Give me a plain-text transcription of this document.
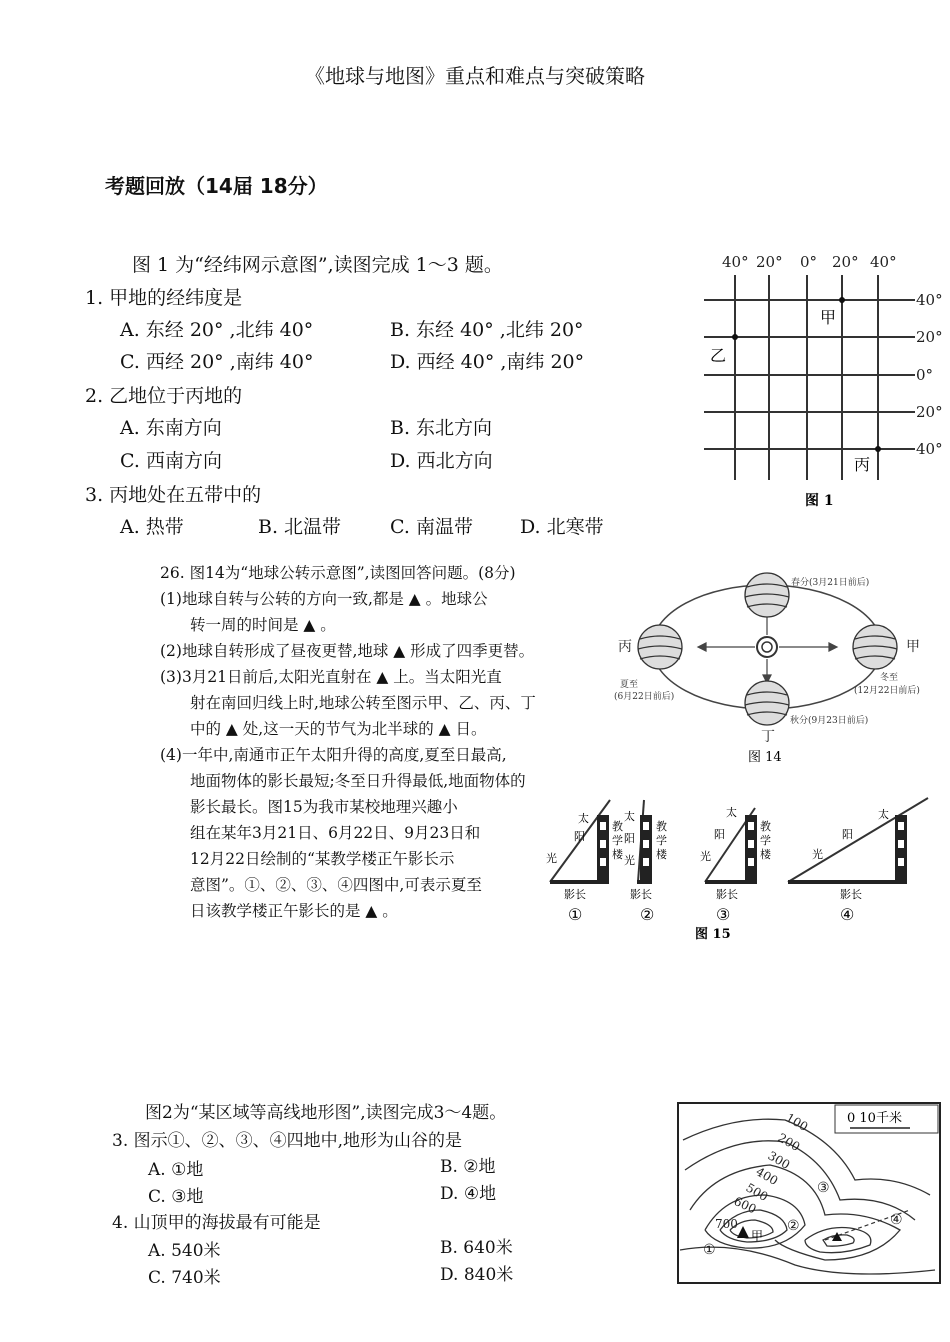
《地球与地图》重点和难点与突破策略
考题回放（14届 18分）
图 1 为“经纬网示意图”,读图完成 1～3 题。
1. 甲地的经纬度是
A. 东经 20° ,北纬 40°	B. 东经 40° ,北纬 20°
C. 西经 20° ,南纬 40°	D. 西经 40° ,南纬 20°
2. 乙地位于丙地的
A. 东南方向	B. 东北方向
C. 西南方向	D. 西北方向
3. 丙地处在五带中的
A. 热带	B. 北温带	C. 南温带 D. 北寒带
40° 20° 0° 20° 40°
40°
20°
0°
20°
40°
甲
乙
丙
图 1
26. 图14为“地球公转示意图”,读图回答问题。(8分)
(1)地球自转与公转的方向一致,都是 ▲ 。地球公
转一周的时间是 ▲ 。
(2)地球自转形成了昼夜更替,地球 ▲ 形成了四季更替。
(3)3月21日前后,太阳光直射在 ▲ 上。当太阳光直
射在南回归线上时,地球公转至图示甲、乙、丙、丁
中的 ▲ 处,这一天的节气为北半球的 ▲ 日。
(4)一年中,南通市正午太阳升得的高度,夏至日最高,
地面物体的影长最短;冬至日升得最低,地面物体的
影长最长。图15为我市某校地理兴趣小
组在某年3月21日、6月22日、9月23日和
12月22日绘制的“某教学楼正午影长示
意图”。①、②、③、④四图中,可表示夏至
日该教学楼正午影长的是 ▲ 。
春分(3月21日前后)
夏至
(6月22日前后)
冬至
(12月22日前后)
秋分(9月23日前后)
丙	甲
丁
图 14
太
阳
光
教
学
楼
影长
①
太
阳
光
教
学
楼
影长
②
太
阳
光
教
学
楼
影长
③
太
阳
光
影长
④
图 15
图2为“某区域等高线地形图”,读图完成3～4题。
3. 图示①、②、③、④四地中,地形为山谷的是
A. ①地	B. ②地
C. ③地	D. ④地
4. 山顶甲的海拔最有可能是
A. 540米	B. 640米
C. 740米	D. 840米
0 10千米
100
200
300
400
500
600
700
甲
①
②
③
④
